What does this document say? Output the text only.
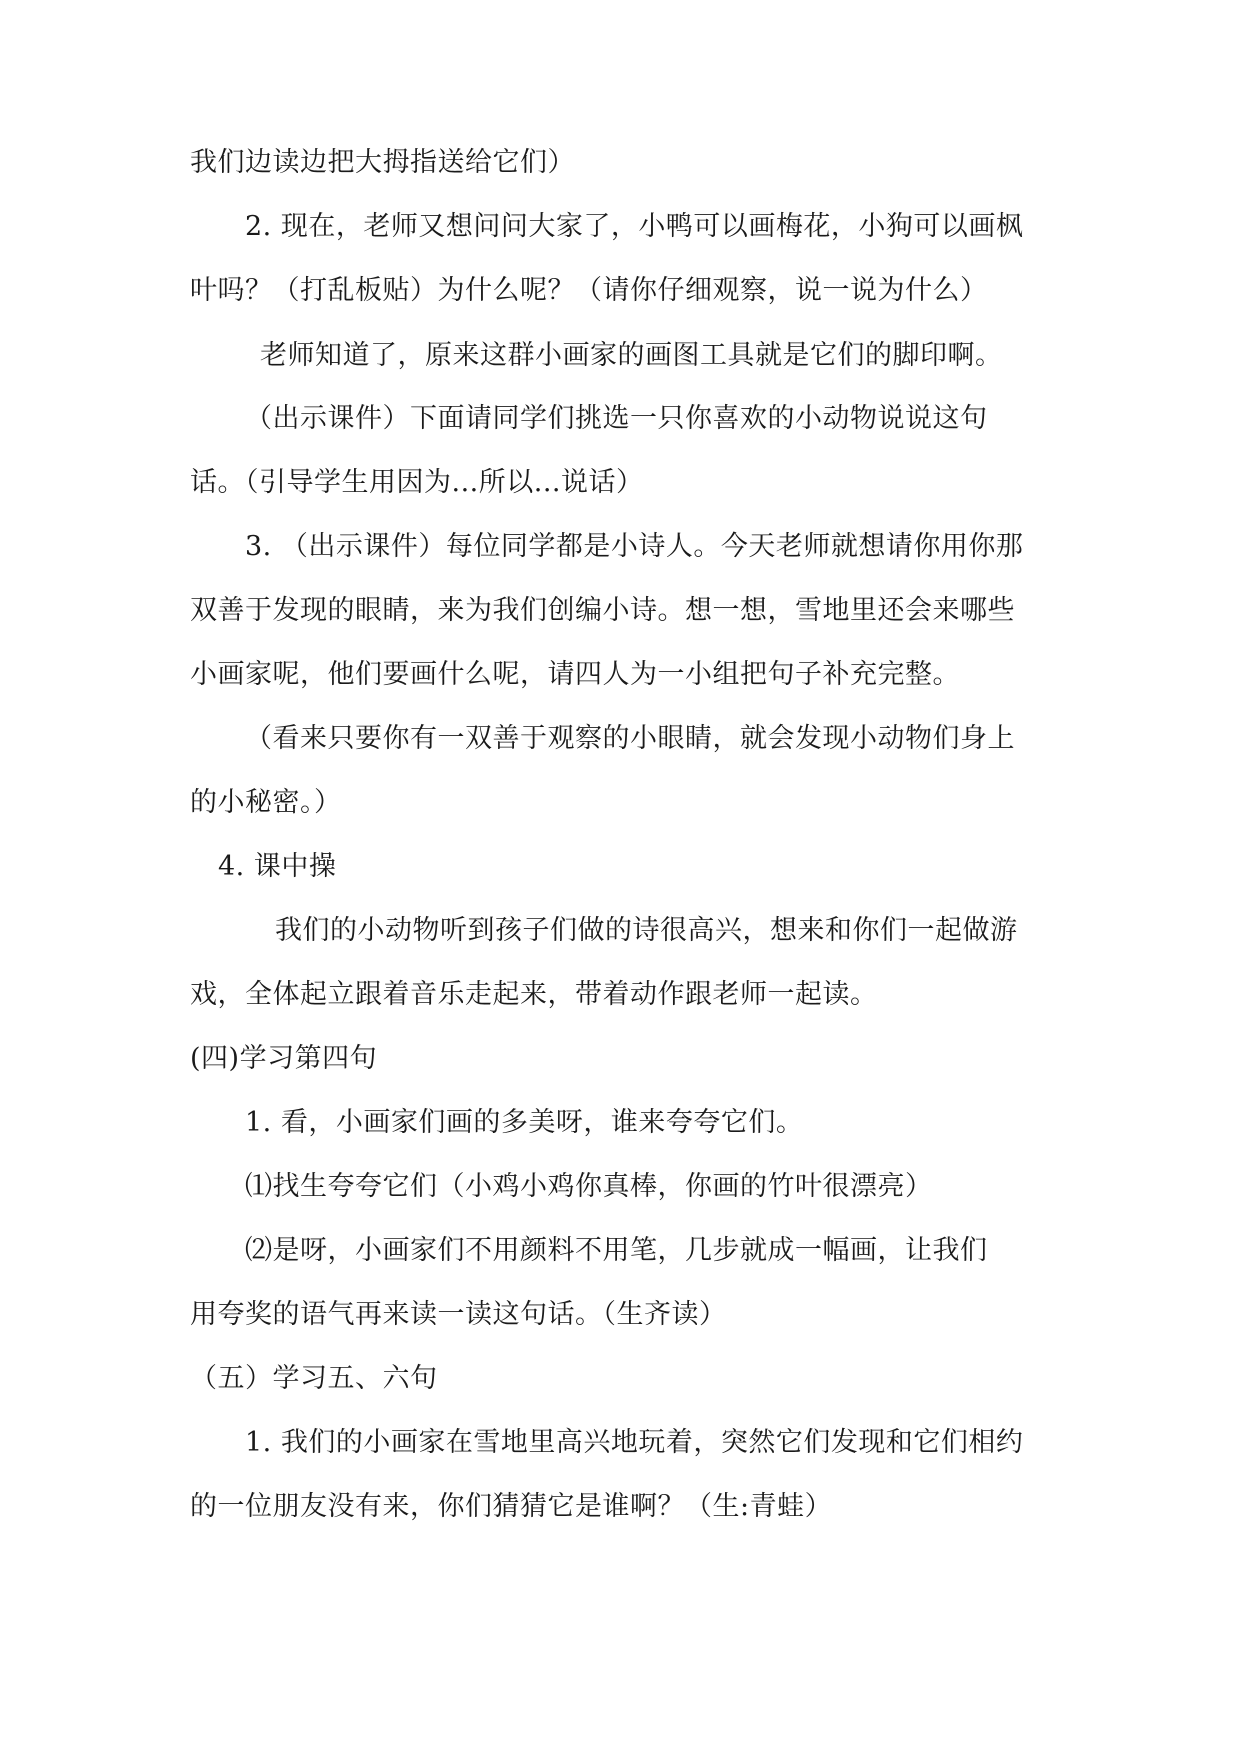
我们边读边把大拇指送给它们）
2. 现在，老师又想问问大家了，小鸭可以画梅花，小狗可以画枫
叶吗？（打乱板贴）为什么呢？（请你仔细观察，说一说为什么）
老师知道了，原来这群小画家的画图工具就是它们的脚印啊。
（出示课件）下面请同学们挑选一只你喜欢的小动物说说这句
话。（引导学生用因为...所以...说话）
3. （出示课件）每位同学都是小诗人。今天老师就想请你用你那
双善于发现的眼睛，来为我们创编小诗。想一想，雪地里还会来哪些
小画家呢，他们要画什么呢，请四人为一小组把句子补充完整。
（看来只要你有一双善于观察的小眼睛，就会发现小动物们身上
的小秘密。）
4. 课中操
我们的小动物听到孩子们做的诗很高兴，想来和你们一起做游
戏，全体起立跟着音乐走起来，带着动作跟老师一起读。
(四)学习第四句
1. 看，小画家们画的多美呀，谁来夸夸它们。
⑴找生夸夸它们（小鸡小鸡你真棒，你画的竹叶很漂亮）
⑵是呀，小画家们不用颜料不用笔，几步就成一幅画，让我们
用夸奖的语气再来读一读这句话。（生齐读）
（五）学习五、六句
1. 我们的小画家在雪地里高兴地玩着，突然它们发现和它们相约
的一位朋友没有来，你们猜猜它是谁啊？（生:青蛙）
